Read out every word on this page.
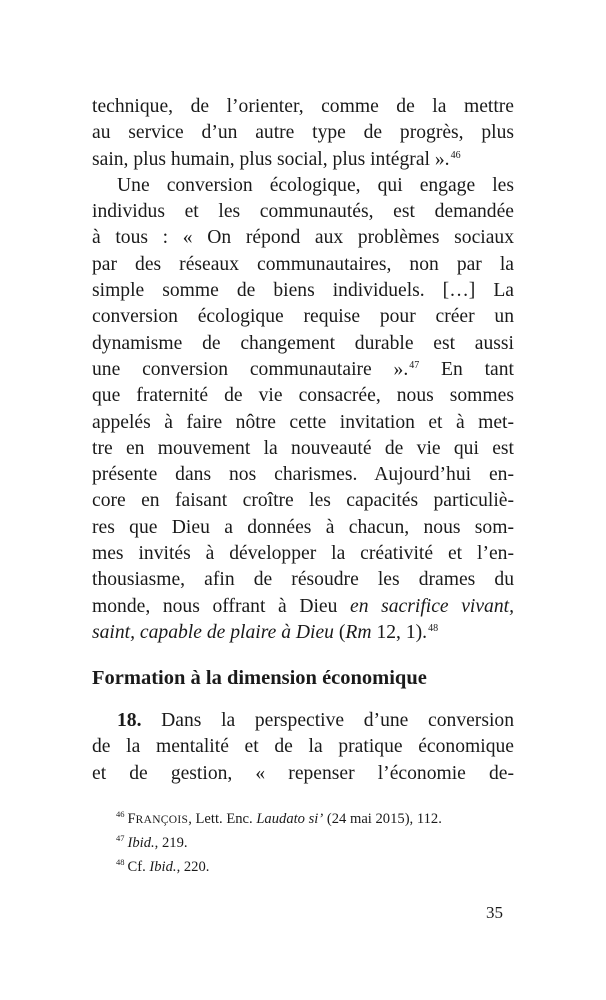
technique, de l’orienter, comme de la mettre
au service d’un autre type de progrès, plus
sain, plus humain, plus social, plus intégral ».$^{46}$
Une conversion écologique, qui engage les
individus et les communautés, est demandée
à tous : « On répond aux problèmes sociaux
par des réseaux communautaires, non par la
simple somme de biens individuels. […] La
conversion écologique requise pour créer un
dynamisme de changement durable est aussi
une conversion communautaire ».$^{47}$ En tant
que fraternité de vie consacrée, nous sommes
appelés à faire nôtre cette invitation et à met-
tre en mouvement la nouveauté de vie qui est
présente dans nos charismes. Aujourd’hui en-
core en faisant croître les capacités particuliè-
res que Dieu a données à chacun, nous som-
mes invités à développer la créativité et l’en-
thousiasme, afin de résoudre les drames du
monde, nous offrant à Dieu en sacrifice vivant,
saint, capable de plaire à Dieu (Rm 12, 1).$^{48}$
Formation à la dimension économique
18. Dans la perspective d’une conversion
de la mentalité et de la pratique économique
et de gestion, « repenser l’économie de-
$^{46}$ FRANÇOIS, Lett. Enc. Laudato si’ (24 mai 2015), 112.
$^{47}$ Ibid., 219.
$^{48}$ Cf. Ibid., 220.
35
